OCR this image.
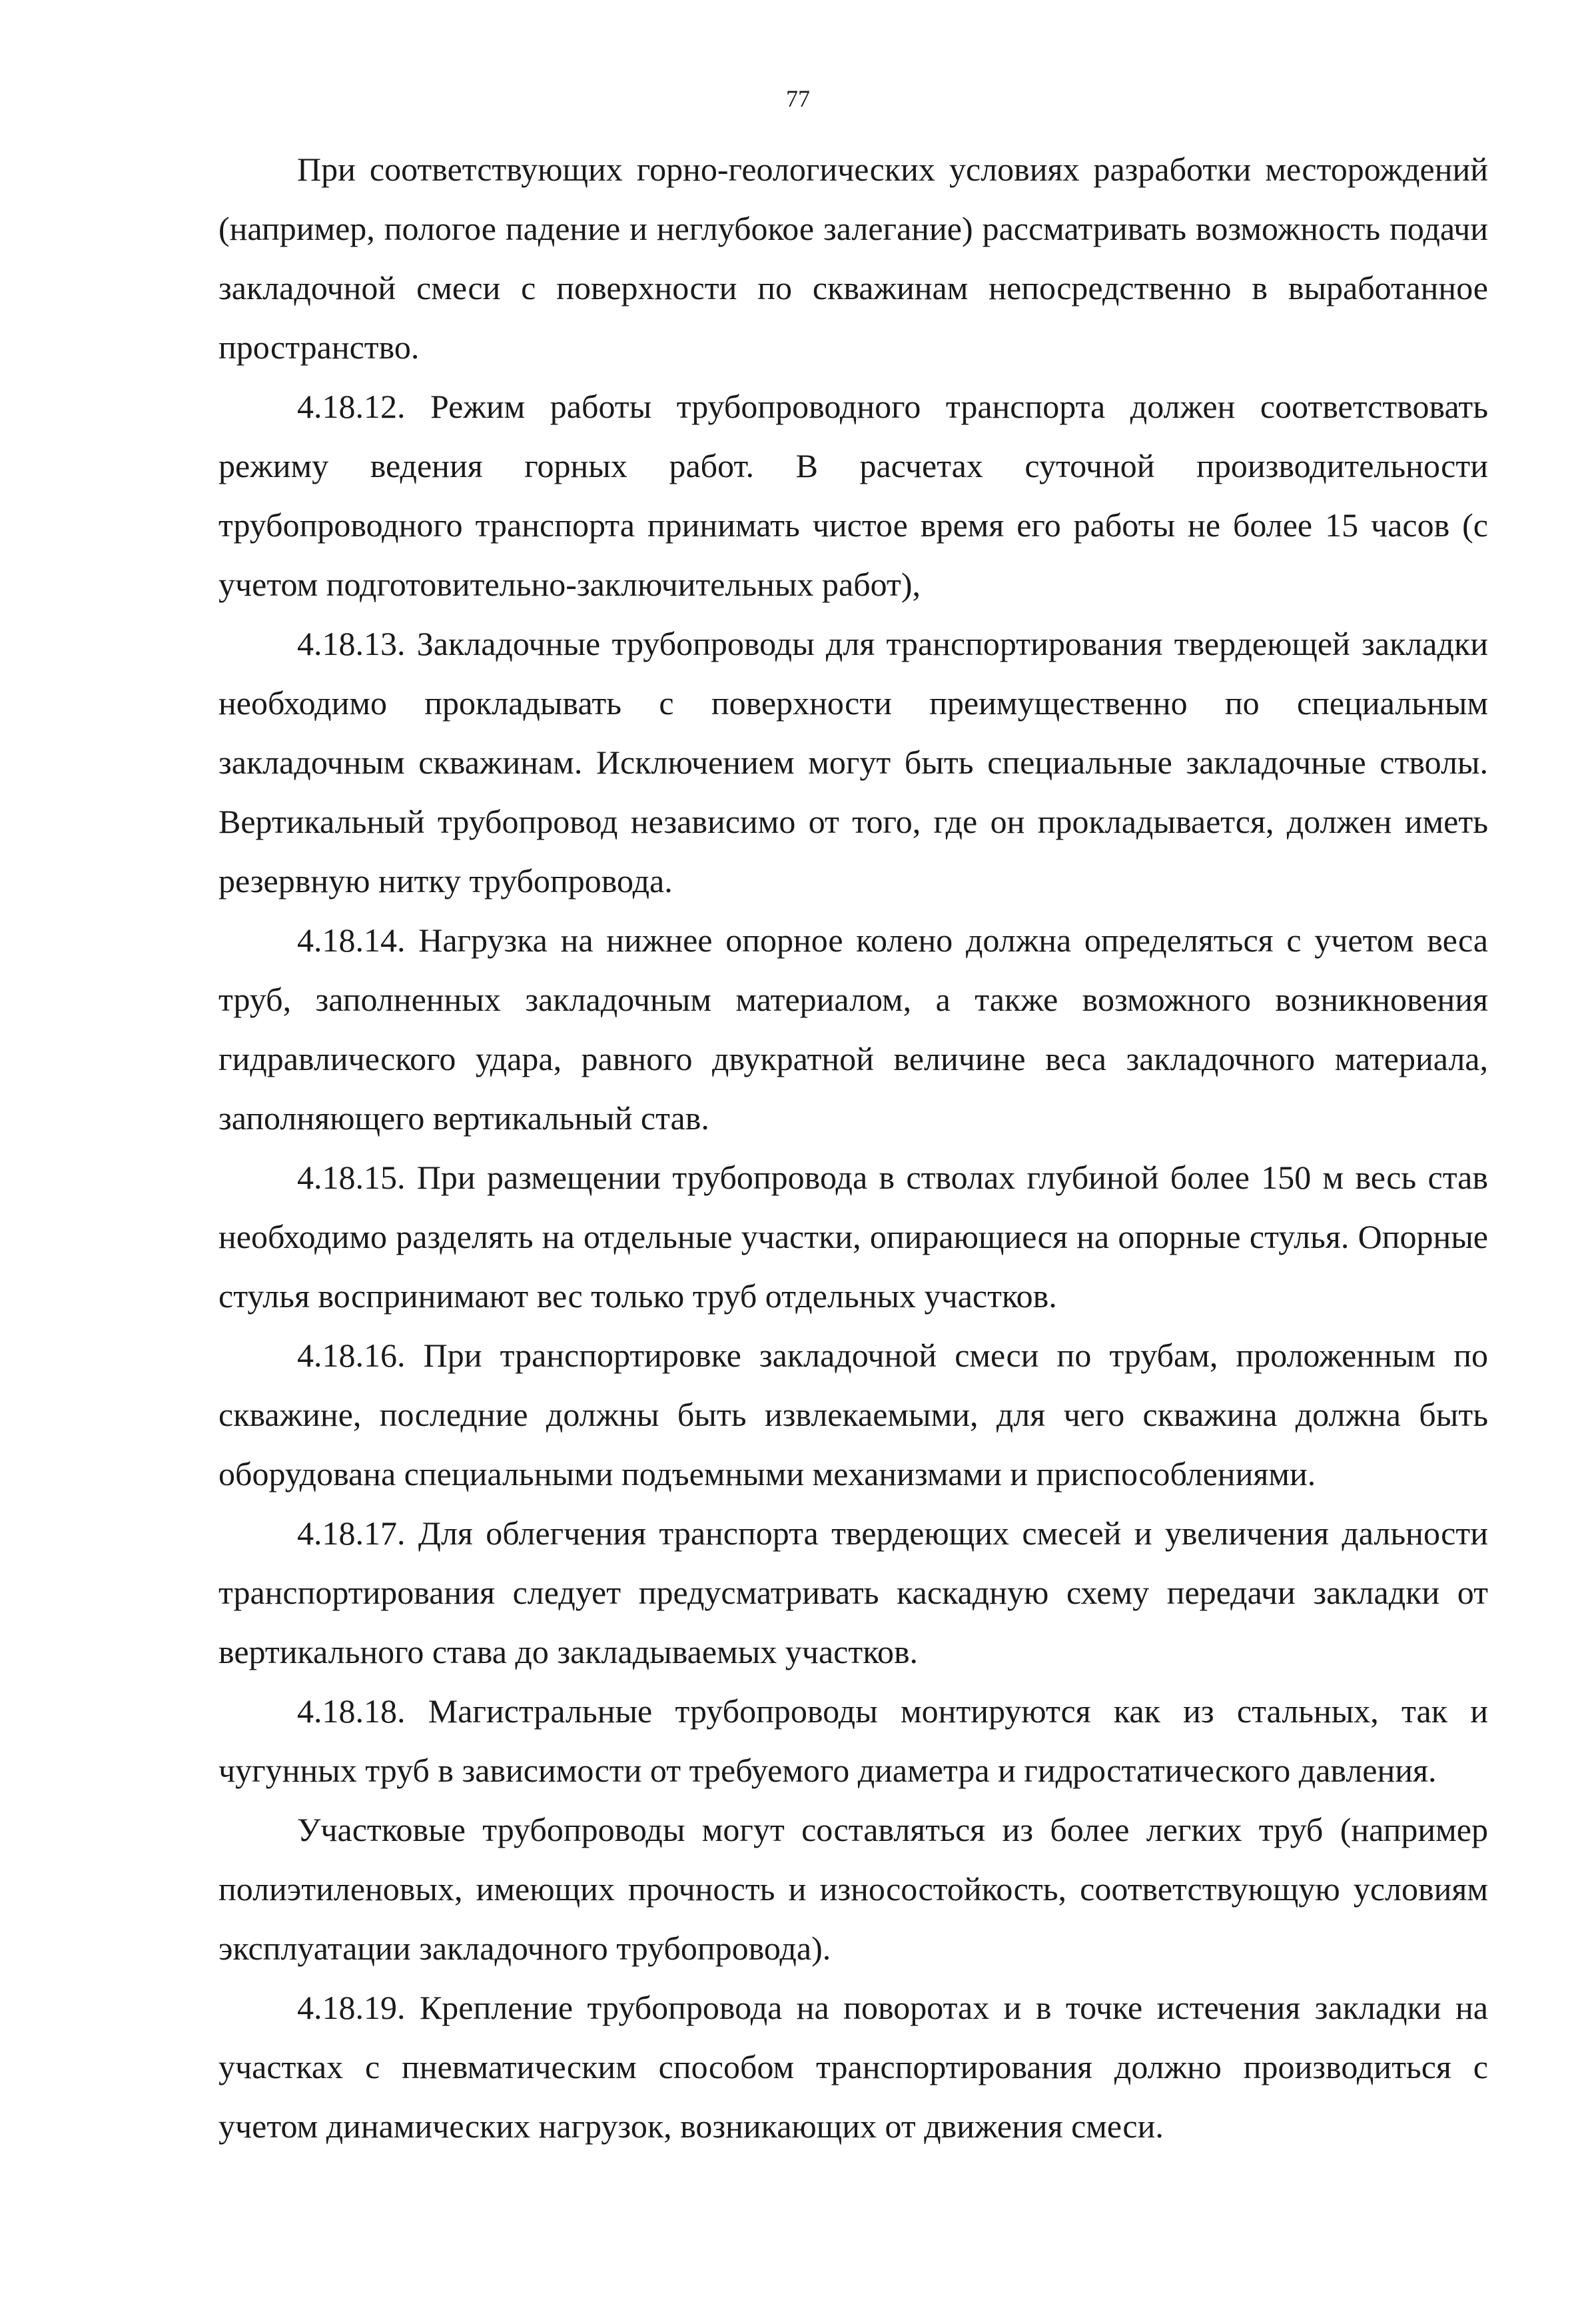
77

При соответствующих горно-геологических условиях разработки месторождений (например, пологое падение и неглубокое залегание) рассматривать возможность подачи закладочной смеси с поверхности по скважинам непосредственно в выработанное пространство.

4.18.12. Режим работы трубопроводного транспорта должен соответствовать режиму ведения горных работ. В расчетах суточной производительности трубопроводного транспорта принимать чистое время его работы не более 15 часов (с учетом подготовительно-заключительных работ),

4.18.13. Закладочные трубопроводы для транспортирования твердеющей закладки необходимо прокладывать с поверхности преимущественно по специальным закладочным скважинам. Исключением могут быть специальные закладочные стволы. Вертикальный трубопровод независимо от того, где он прокладывается, должен иметь резервную нитку трубопровода.

4.18.14. Нагрузка на нижнее опорное колено должна определяться с учетом веса труб, заполненных закладочным материалом, а также возможного возникновения гидравлического удара, равного двукратной величине веса закладочного материала, заполняющего вертикальный став.

4.18.15. При размещении трубопровода в стволах глубиной более 150 м весь став необходимо разделять на отдельные участки, опирающиеся на опорные стулья. Опорные стулья воспринимают вес только труб отдельных участков.

4.18.16. При транспортировке закладочной смеси по трубам, проложенным по скважине, последние должны быть извлекаемыми, для чего скважина должна быть оборудована специальными подъемными механизмами и приспособлениями.

4.18.17. Для облегчения транспорта твердеющих смесей и увеличения дальности транспортирования следует предусматривать каскадную схему передачи закладки от вертикального става до закладываемых участков.

4.18.18. Магистральные трубопроводы монтируются как из стальных, так и чугунных труб в зависимости от требуемого диаметра и гидростатического давления.

Участковые трубопроводы могут составляться из более легких труб (например полиэтиленовых, имеющих прочность и износостойкость, соответствующую условиям эксплуатации закладочного трубопровода).

4.18.19. Крепление трубопровода на поворотах и в точке истечения закладки на участках с пневматическим способом транспортирования должно производиться с учетом динамических нагрузок, возникающих от движения смеси.
